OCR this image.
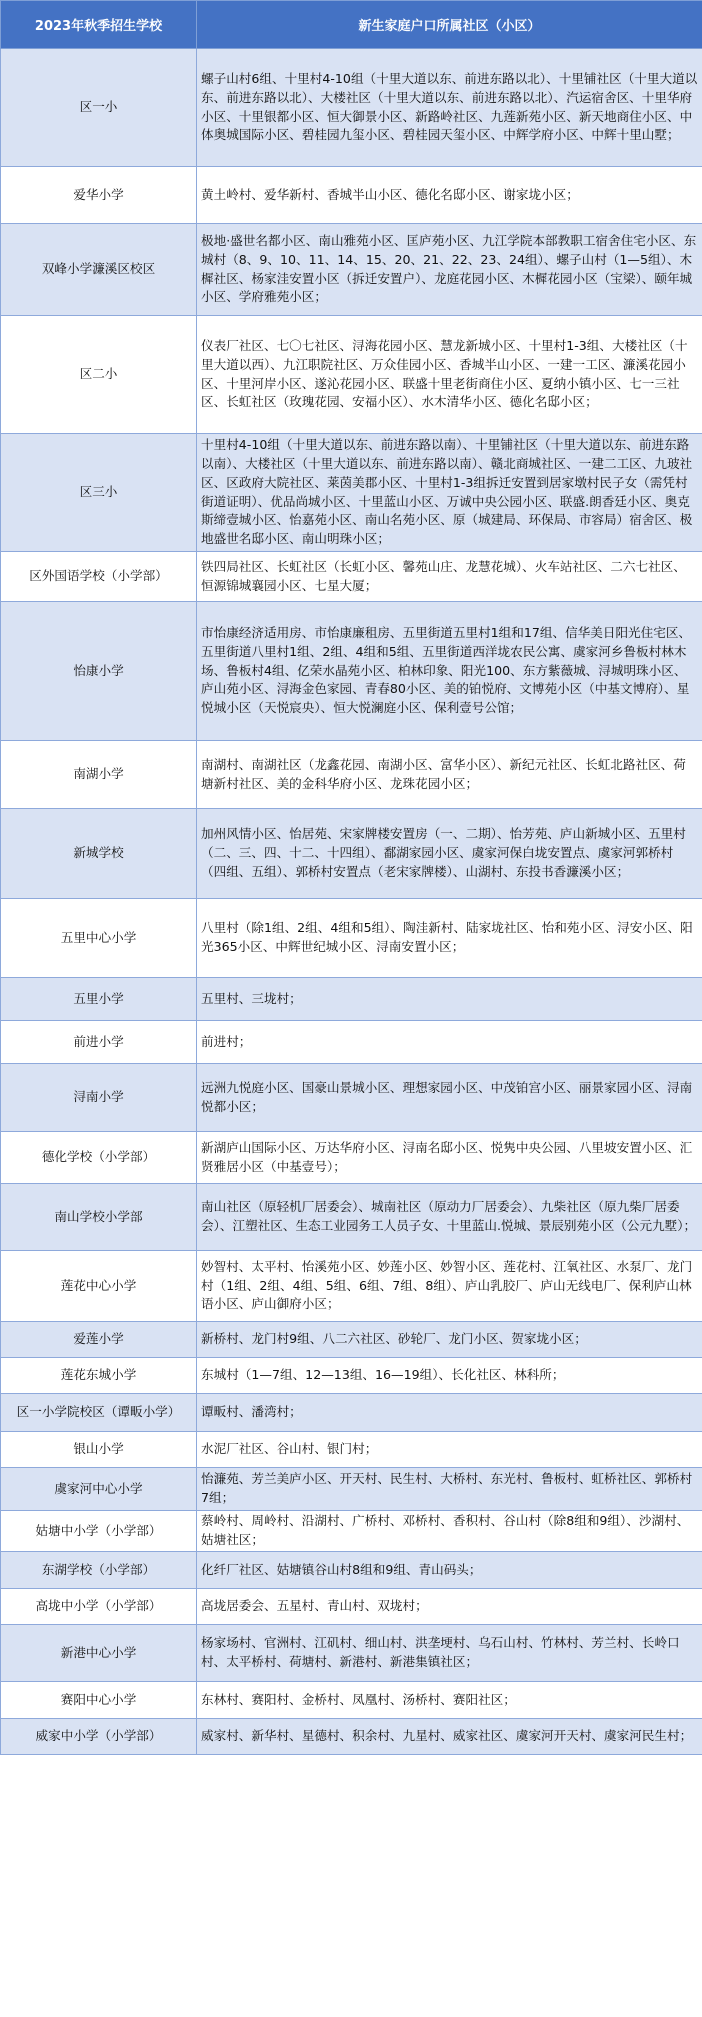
2023年秋季招生学校	新生家庭户口所属社区（小区）
区一小	螺子山村6组、十里村4-10组（十里大道以东、前进东路以北）、十里铺社区（十里大道以东、前进东路以北）、大楼社区（十里大道以东、前进东路以北）、汽运宿舍区、十里华府小区、十里银都小区、恒大御景小区、新路岭社区、九莲新苑小区、新天地商住小区、中体奥城国际小区、碧桂园九玺小区、碧桂园天玺小区、中辉学府小区、中辉十里山墅；
爱华小学	黄土岭村、爱华新村、香城半山小区、德化名邸小区、谢家垅小区；
双峰小学濂溪区校区	极地·盛世名都小区、南山雅苑小区、匡庐苑小区、九江学院本部教职工宿舍住宅小区、东城村（8、9、10、11、14、15、20、21、22、23、24组）、螺子山村（1—5组）、木樨社区、杨家洼安置小区（拆迁安置户）、龙庭花园小区、木樨花园小区（宝梁）、颐年城小区、学府雅苑小区；
区二小	仪表厂社区、七〇七社区、浔海花园小区、慧龙新城小区、十里村1-3组、大楼社区（十里大道以西）、九江职院社区、万众佳园小区、香城半山小区、一建一工区、濂溪花园小区、十里河岸小区、遂沁花园小区、联盛十里老街商住小区、夏纳小镇小区、七一三社区、长虹社区（玫瑰花园、安福小区）、水木清华小区、德化名邸小区；
区三小	十里村4-10组（十里大道以东、前进东路以南）、十里铺社区（十里大道以东、前进东路以南）、大楼社区（十里大道以东、前进东路以南）、赣北商城社区、一建二工区、九玻社区、区政府大院社区、莱茵美郡小区、十里村1-3组拆迁安置到居家墩村民子女（需凭村街道证明）、优品尚城小区、十里蓝山小区、万诚中央公园小区、联盛.朗香廷小区、奥克斯缔壹城小区、怡嘉苑小区、南山名苑小区、原（城建局、环保局、市容局）宿舍区、极地盛世名邸小区、南山明珠小区；
区外国语学校（小学部）	铁四局社区、长虹社区（长虹小区、馨苑山庄、龙慧花城）、火车站社区、二六七社区、恒源锦城襄园小区、七星大厦；
怡康小学	市怡康经济适用房、市怡康廉租房、五里街道五里村1组和17组、信华美日阳光住宅区、五里街道八里村1组、2组、4组和5组、五里街道西洋垅农民公寓、虞家河乡鲁板村林木场、鲁板村4组、亿荣水晶苑小区、柏林印象、阳光100、东方紫薇城、浔城明珠小区、庐山苑小区、浔海金色家园、青春80小区、美的铂悦府、文博苑小区（中基文博府）、星悦城小区（天悦宸央）、恒大悦澜庭小区、保利壹号公馆；
南湖小学	南湖村、南湖社区（龙鑫花园、南湖小区、富华小区）、新纪元社区、长虹北路社区、荷塘新村社区、美的金科华府小区、龙珠花园小区；
新城学校	加州风情小区、怡居苑、宋家牌楼安置房（一、二期）、怡芳苑、庐山新城小区、五里村（二、三、四、十二、十四组）、鄱湖家园小区、虞家河保白垅安置点、虞家河郭桥村（四组、五组）、郭桥村安置点（老宋家牌楼）、山湖村、东投书香濂溪小区；
五里中心小学	八里村（除1组、2组、4组和5组）、陶洼新村、陆家垅社区、怡和苑小区、浔安小区、阳光365小区、中辉世纪城小区、浔南安置小区；
五里小学	五里村、三垅村；
前进小学	前进村；
浔南小学	远洲九悦庭小区、国豪山景城小区、理想家园小区、中茂铂宫小区、丽景家园小区、浔南悦都小区；
德化学校（小学部）	新湖庐山国际小区、万达华府小区、浔南名邸小区、悦隽中央公园、八里坡安置小区、汇贤雅居小区（中基壹号）；
南山学校小学部	南山社区（原轻机厂居委会）、城南社区（原动力厂居委会）、九柴社区（原九柴厂居委会）、江塑社区、生态工业园务工人员子女、十里蓝山.悦城、景辰别苑小区（公元九墅）；
莲花中心小学	妙智村、太平村、怡溪苑小区、妙莲小区、妙智小区、莲花村、江氧社区、水泵厂、龙门村（1组、2组、4组、5组、6组、7组、8组）、庐山乳胶厂、庐山无线电厂、保利庐山林语小区、庐山御府小区；
爱莲小学	新桥村、龙门村9组、八二六社区、砂轮厂、龙门小区、贺家垅小区；
莲花东城小学	东城村（1—7组、12—13组、16—19组）、长化社区、林科所；
区一小学院校区（谭畈小学）	谭畈村、潘湾村；
银山小学	水泥厂社区、谷山村、银门村；
虞家河中心小学	怡濂苑、芳兰美庐小区、开天村、民生村、大桥村、东光村、鲁板村、虹桥社区、郭桥村7组；
姑塘中小学（小学部）	蔡岭村、周岭村、沿湖村、广桥村、邓桥村、香积村、谷山村（除8组和9组）、沙湖村、姑塘社区；
东湖学校（小学部）	化纤厂社区、姑塘镇谷山村8组和9组、青山码头；
高垅中小学（小学部）	高垅居委会、五星村、青山村、双垅村；
新港中心小学	杨家场村、官洲村、江矶村、细山村、洪垄埂村、乌石山村、竹林村、芳兰村、长岭口村、太平桥村、荷塘村、新港村、新港集镇社区；
赛阳中心小学	东林村、赛阳村、金桥村、凤凰村、汤桥村、赛阳社区；
威家中小学（小学部）	威家村、新华村、星德村、积余村、九星村、威家社区、虞家河开天村、虞家河民生村；
